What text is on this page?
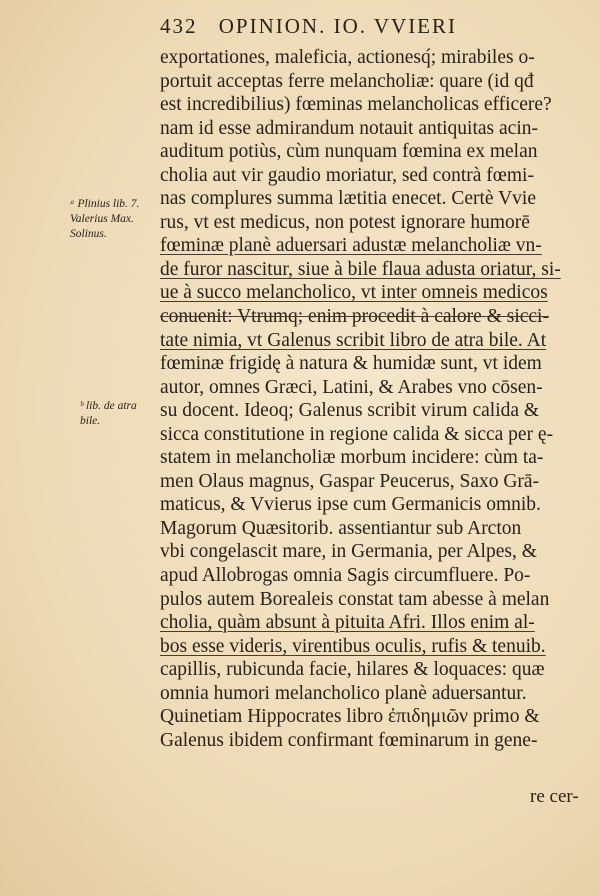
432 OPINION. IO. VVIERI
exportationes, maleficia, actionesq́; mirabiles o-
portuit acceptas ferre melancholiæ: quare (id qđ
est incredibilius) fœminas melancholicas efficere?
nam id esse admirandum notauit antiquitas acin-
auditum potiùs, cùm nunquam fœmina ex melan
cholia aut vir gaudio moriatur, sed contrà fœmi-
nas complures summa lætitia enecet. Certè Vvie
rus, vt est medicus, non potest ignorare humorē
fœminæ planè aduersari adustæ melancholiæ vn-
de furor nascitur, siue à bile flaua adusta oriatur, si-
ue à succo melancholico, vt inter omneis medicos
conuenit: Vtrumq; enim procedit à calore & sicci-
tate nimia, vt Galenus scribit libro de atra bile. At
fœminæ frigidę à natura & humidæ sunt, vt idem
autor, omnes Græci, Latini, & Arabes vno cōsen-
su docent. Ideoq; Galenus scribit virum calida &
sicca constitutione in regione calida & sicca per ę-
statem in melancholiæ morbum incidere: cùm ta-
men Olaus magnus, Gaspar Peucerus, Saxo Grā-
maticus, & Vvierus ipse cum Germanicis omnib.
Magorum Quæsitorib. assentiantur sub Arcton
vbi congelascit mare, in Germania, per Alpes, &
apud Allobrogas omnia Sagis circumfluere. Po-
pulos autem Borealeis constat tam abesse à melan
cholia, quàm absunt à pituita Afri. Illos enim al-
bos esse videris, virentibus oculis, rufis & tenuib.
capillis, rubicunda facie, hilares & loquaces: quæ
omnia humori melancholico planè aduersantur.
Quinetiam Hippocrates libro ἐπιδημιῶν primo &
Galenus ibidem confirmant fœminarum in gene-
re cer-
ᵃ Plinius lib. 7.
Valerius Max.
Solinus.
ᵇ lib. de atra
bile.
